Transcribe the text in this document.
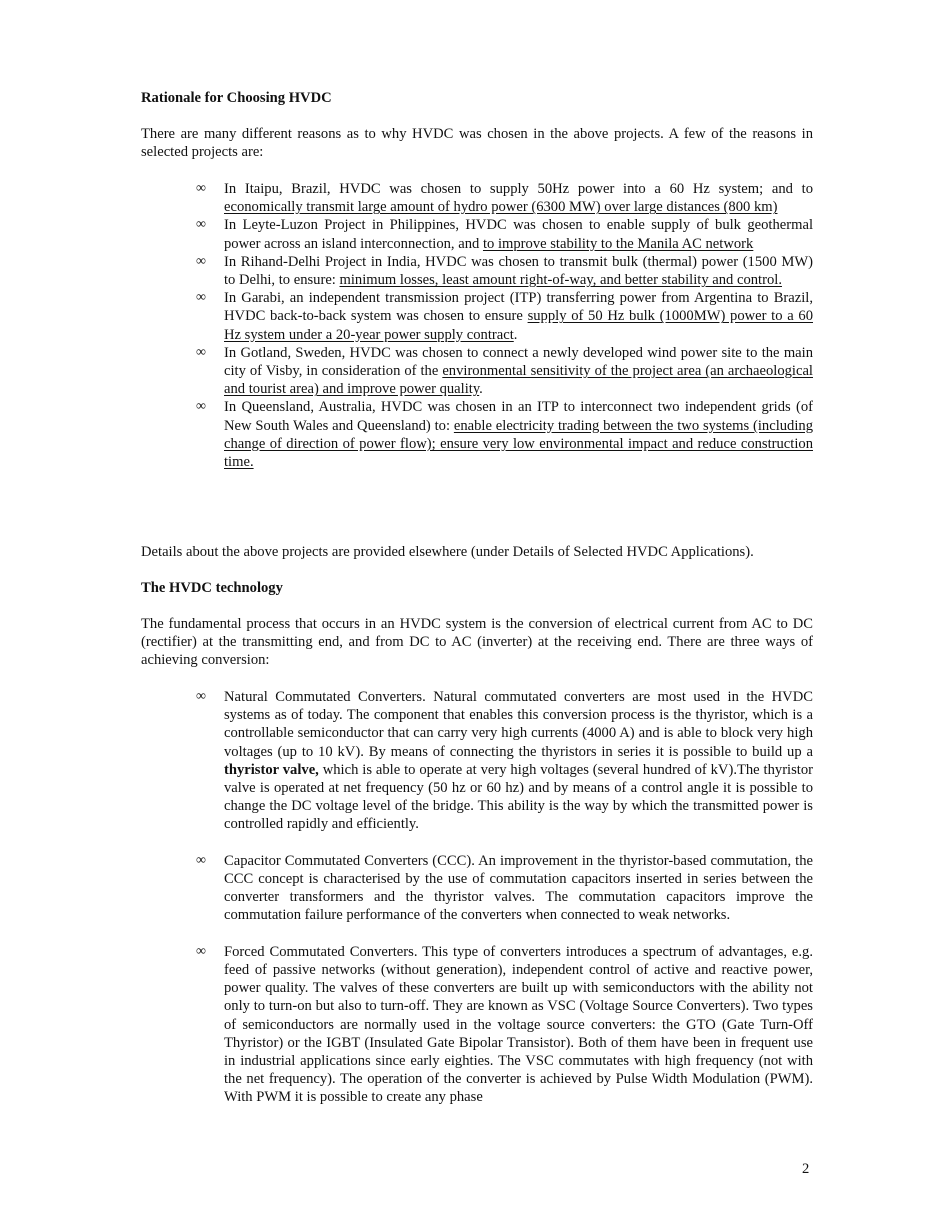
Rationale for Choosing HVDC

There are many different reasons as to why HVDC was chosen in the above projects. A few of the reasons in selected projects are:

∞ In Itaipu, Brazil, HVDC was chosen to supply 50Hz power into a 60 Hz system; and to economically transmit large amount of hydro power (6300 MW) over large distances (800 km)
∞ In Leyte-Luzon Project in Philippines, HVDC was chosen to enable supply of bulk geothermal power across an island interconnection, and to improve stability to the Manila AC network
∞ In Rihand-Delhi Project in India, HVDC was chosen to transmit bulk (thermal) power (1500 MW) to Delhi, to ensure: minimum losses, least amount right-of-way, and better stability and control.
∞ In Garabi, an independent transmission project (ITP) transferring power from Argentina to Brazil, HVDC back-to-back system was chosen to ensure supply of 50 Hz bulk (1000MW) power to a 60 Hz system under a 20-year power supply contract.
∞ In Gotland, Sweden, HVDC was chosen to connect a newly developed wind power site to the main city of Visby, in consideration of the environmental sensitivity of the project area (an archaeological and tourist area) and improve power quality.
∞ In Queensland, Australia, HVDC was chosen in an ITP to interconnect two independent grids (of New South Wales and Queensland) to: enable electricity trading between the two systems (including change of direction of power flow); ensure very low environmental impact and reduce construction time.

Details about the above projects are provided elsewhere (under Details of Selected HVDC Applications).

The HVDC technology

The fundamental process that occurs in an HVDC system is the conversion of electrical current from AC to DC (rectifier) at the transmitting end, and from DC to AC (inverter) at the receiving end. There are three ways of achieving conversion:

∞ Natural Commutated Converters. Natural commutated converters are most used in the HVDC systems as of today. The component that enables this conversion process is the thyristor, which is a controllable semiconductor that can carry very high currents (4000 A) and is able to block very high voltages (up to 10 kV). By means of connecting the thyristors in series it is possible to build up a thyristor valve, which is able to operate at very high voltages (several hundred of kV).The thyristor valve is operated at net frequency (50 hz or 60 hz) and by means of a control angle it is possible to change the DC voltage level of the bridge. This ability is the way by which the transmitted power is controlled rapidly and efficiently.
∞ Capacitor Commutated Converters (CCC). An improvement in the thyristor-based commutation, the CCC concept is characterised by the use of commutation capacitors inserted in series between the converter transformers and the thyristor valves. The commutation capacitors improve the commutation failure performance of the converters when connected to weak networks.
∞ Forced Commutated Converters. This type of converters introduces a spectrum of advantages, e.g. feed of passive networks (without generation), independent control of active and reactive power, power quality. The valves of these converters are built up with semiconductors with the ability not only to turn-on but also to turn-off. They are known as VSC (Voltage Source Converters). Two types of semiconductors are normally used in the voltage source converters: the GTO (Gate Turn-Off Thyristor) or the IGBT (Insulated Gate Bipolar Transistor). Both of them have been in frequent use in industrial applications since early eighties. The VSC commutates with high frequency (not with the net frequency). The operation of the converter is achieved by Pulse Width Modulation (PWM). With PWM it is possible to create any phase
2
